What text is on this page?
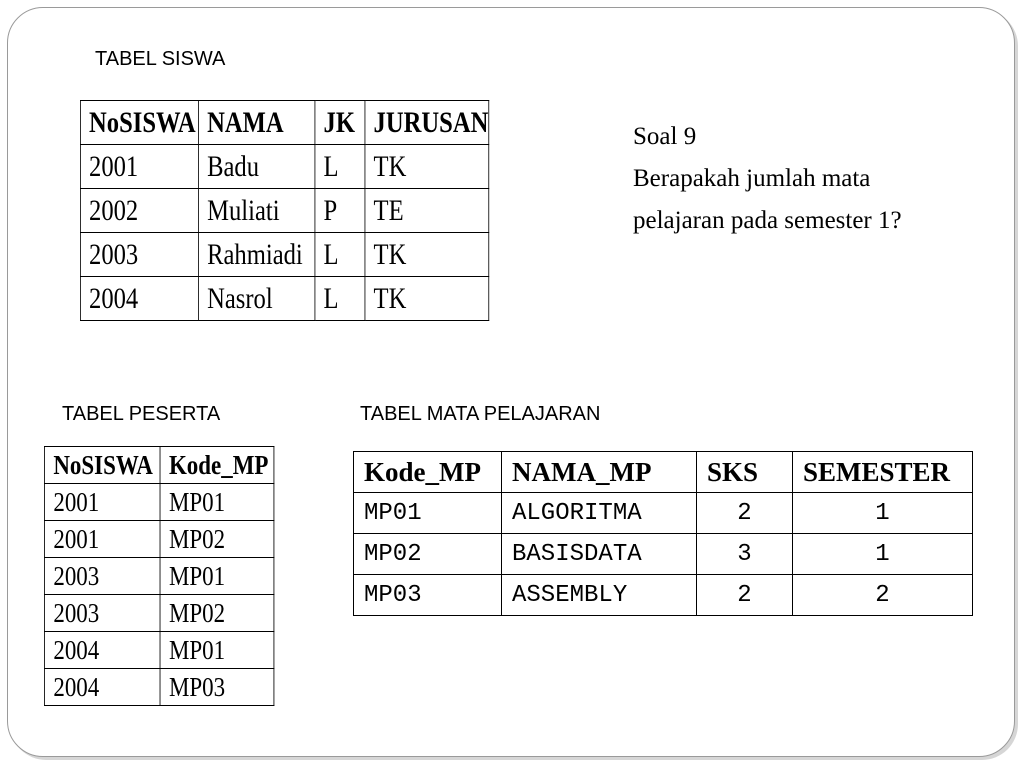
TABEL SISWA
NoSISWA	NAMA	JK	JURUSAN
2001	Badu	L	TK
2002	Muliati	P	TE
2003	Rahmiadi	L	TK
2004	Nasrol	L	TK
Soal 9
Berapakah jumlah mata
pelajaran pada semester 1?
TABEL PESERTA
NoSISWA	Kode_MP
2001	MP01
2001	MP02
2003	MP01
2003	MP02
2004	MP01
2004	MP03
TABEL MATA PELAJARAN
Kode_MP	NAMA_MP	SKS	SEMESTER
MP01	ALGORITMA	2	1
MP02	BASISDATA	3	1
MP03	ASSEMBLY	2	2
